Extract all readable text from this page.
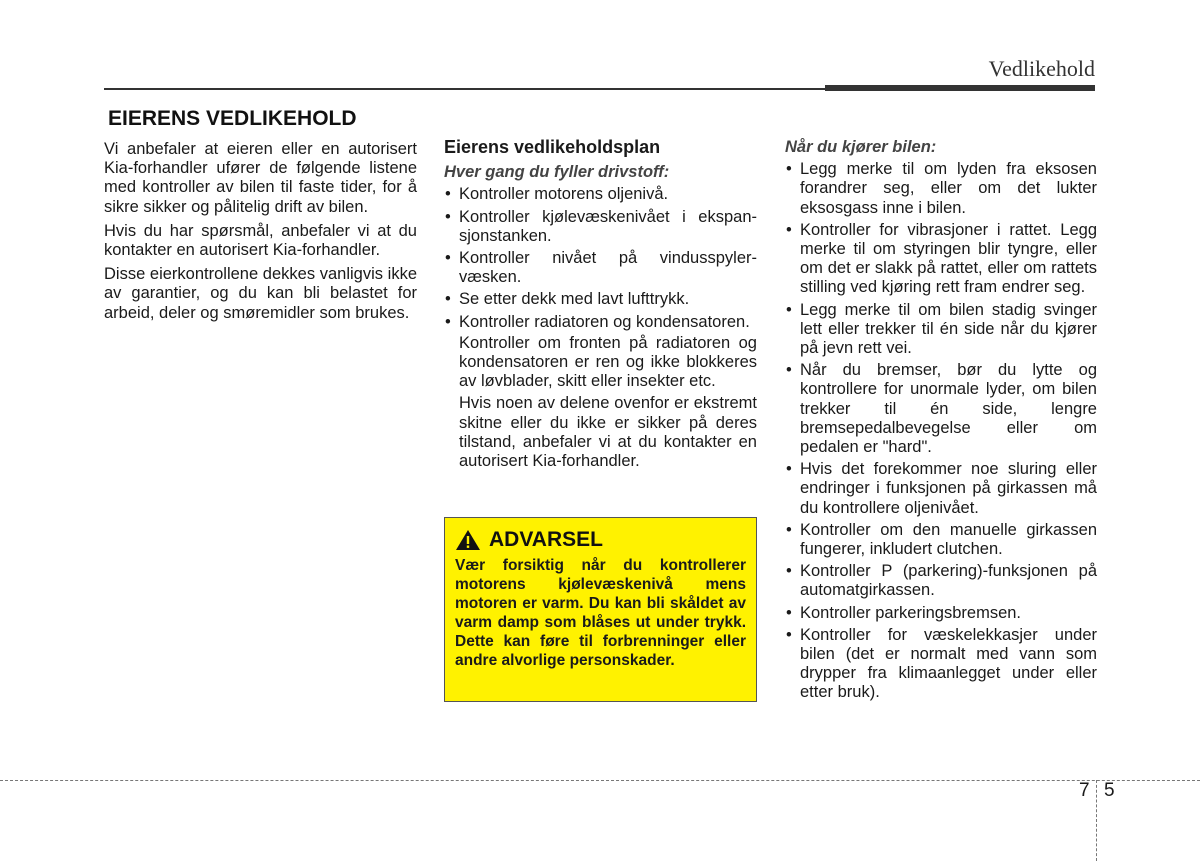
Vedlikehold
EIERENS VEDLIKEHOLD

Vi anbefaler at eieren eller en autorisert Kia-forhandler ufører de følgende listene med kontroller av bilen til faste tider, for å sikre sikker og pålitelig drift av bilen.

Hvis du har spørsmål, anbefaler vi at du kontakter en autorisert Kia-forhandler.

Disse eierkontrollene dekkes vanligvis ikke av garantier, og du kan bli belastet for arbeid, deler og smøremidler som brukes.

Eierens vedlikeholdsplan
Hver gang du fyller drivstoff:
• Kontroller motorens oljenivå.
• Kontroller kjølevæskenivået i ekspan-sjonstanken.
• Kontroller nivået på vindusspyler-væsken.
• Se etter dekk med lavt lufttrykk.
• Kontroller radiatoren og kondensatoren.

Kontroller om fronten på radiatoren og kondensatoren er ren og ikke blokkeres av løvblader, skitt eller insekter etc.

Hvis noen av delene ovenfor er ekstremt skitne eller du ikke er sikker på deres tilstand, anbefaler vi at du kontakter en autorisert Kia-forhandler.

ADVARSEL

Vær forsiktig når du kontrollerer motorens kjølevæskenivå mens motoren er varm. Du kan bli skåldet av varm damp som blåses ut under trykk. Dette kan føre til forbrenninger eller andre alvorlige personskader.

Når du kjører bilen:
• Legg merke til om lyden fra eksosen forandrer seg, eller om det lukter eksosgass inne i bilen.
• Kontroller for vibrasjoner i rattet. Legg merke til om styringen blir tyngre, eller om det er slakk på rattet, eller om rattets stilling ved kjøring rett fram endrer seg.
• Legg merke til om bilen stadig svinger lett eller trekker til én side når du kjører på jevn rett vei.
• Når du bremser, bør du lytte og kontrollere for unormale lyder, om bilen trekker til én side, lengre bremsepedalbevegelse eller om pedalen er "hard".
• Hvis det forekommer noe sluring eller endringer i funksjonen på girkassen må du kontrollere oljenivået.
• Kontroller om den manuelle girkassen fungerer, inkludert clutchen.
• Kontroller P (parkering)-funksjonen på automatgirkassen.
• Kontroller parkeringsbremsen.
• Kontroller for væskelekkasjer under bilen (det er normalt med vann som drypper fra klimaanlegget under eller etter bruk).
7 5
